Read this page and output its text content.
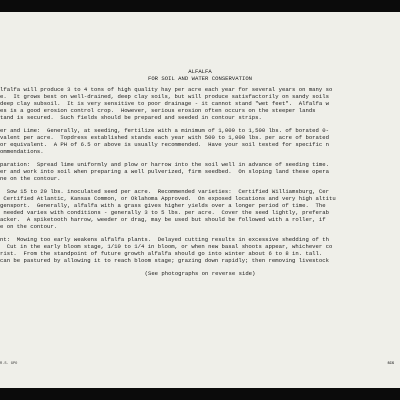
ALFALFA
FOR SOIL AND WATER CONSERVATION
lfalfa will produce 3 to 4 tons of high quality hay per acre each year for several years on many so
e.  It grows best on well-drained, deep clay soils, but will produce satisfactorily on sandy soils
deep clay subsoil.  It is very sensitive to poor drainage - it cannot stand "wet feet".  Alfalfa w
es is a good erosion control crop.  However, serious erosion often occurs on the steeper lands
tand is secured.  Such fields should be prepared and seeded in contour strips.
er and Lime:  Generally, at seeding, fertilize with a minimum of 1,000 to 1,500 lbs. of borated 0-
valent per acre.  Topdress established stands each year with 500 to 1,000 lbs. per acre of borated
or equivalent.  A PH of 6.5 or above is usually recommended.  Have your soil tested for specific n
ommendations.
paration:  Spread lime uniformly and plow or harrow into the soil well in advance of seeding time.
er and work into soil when preparing a well pulverized, firm seedbed.  On sloping land these opera
ne on the contour.
Sow 15 to 20 lbs. inoculated seed per acre.  Recommended varieties:  Certified Williamsburg, Cer
Certified Atlantic, Kansas Common, or Oklahoma Approved.  On exposed locations and very high altitu
gensport.  Generally, alfalfa with a grass gives higher yields over a longer period of time.  The
needed varies with conditions - generally 3 to 5 lbs. per acre.  Cover the seed lightly, preferab
acker.  A spiketooth harrow, weeder or drag, may be used but should be followed with a roller, if
e on the contour.
nt:  Mowing too early weakens alfalfa plants.  Delayed cutting results in excessive shedding of th
Cut in the early bloom stage, 1/10 to 1/4 in bloom, or when new basal shoots appear, whichever co
rist.  From the standpoint of future growth alfalfa should go into winter about 6 to 8 in. tall.
can be pastured by allowing it to reach bloom stage; grazing down rapidly; then removing livestock
(See photographs on reverse side)
R.S. GPO	SCS
